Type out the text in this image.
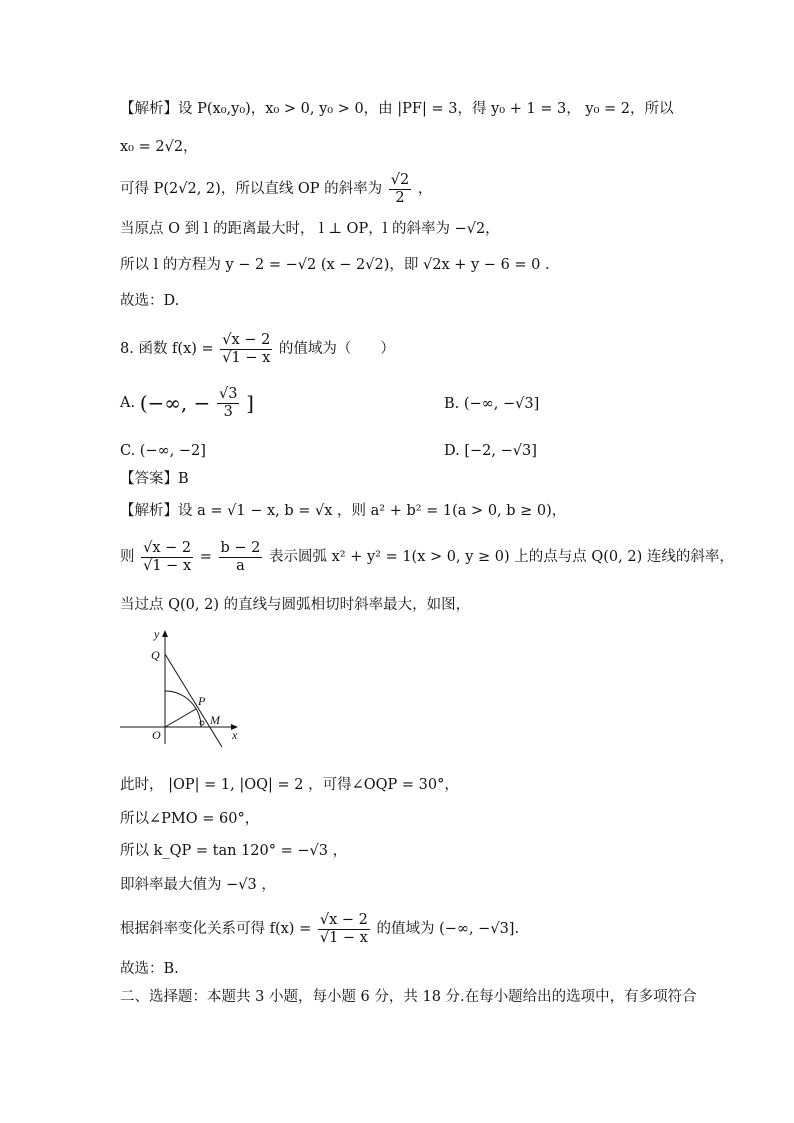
【解析】设 P(x₀,y₀)，x₀ > 0, y₀ > 0，由 |PF| = 3，得 y₀ + 1 = 3， y₀ = 2，所以
x₀ = 2√2，
可得 P(2√2, 2)，所以直线 OP 的斜率为 $\frac{√2}{2}$ ，
当原点 O 到 l 的距离最大时， l ⊥ OP，l 的斜率为 −√2，
所以 l 的方程为 y − 2 = −√2 (x − 2√2)，即 √2x + y − 6 = 0 .
故选：D.
8. 函数 $f(x) = \frac{√x - 2}{√1 - x}$ 的值域为（　　）
A. (−∞, − $\frac{√3}{3}$ ]	B. (−∞, −√3]
C. (−∞, −2]	D. [−2, −√3]
【答案】B
【解析】设 a = √1 − x, b = √x ，则 a² + b² = 1(a > 0, b ≥ 0)，
则 $\frac{√x - 2}{√1 - x} = \frac{b - 2}{a}$ 表示圆弧 x² + y² = 1(x > 0, y ≥ 0) 上的点与点 Q(0, 2) 连线的斜率，
当过点 Q(0, 2) 的直线与圆弧相切时斜率最大，如图，
y
Q
P
M
O	x
此时， |OP| = 1, |OQ| = 2 ，可得∠OQP = 30°，
所以∠PMO = 60°，
所以 k_QP = tan 120° = −√3 ，
即斜率最大值为 −√3 ，
根据斜率变化关系可得 $f(x) = \frac{√x - 2}{√1 - x}$ 的值域为 (−∞, −√3].
故选：B.
二、选择题：本题共 3 小题，每小题 6 分，共 18 分.在每小题给出的选项中，有多项符合
